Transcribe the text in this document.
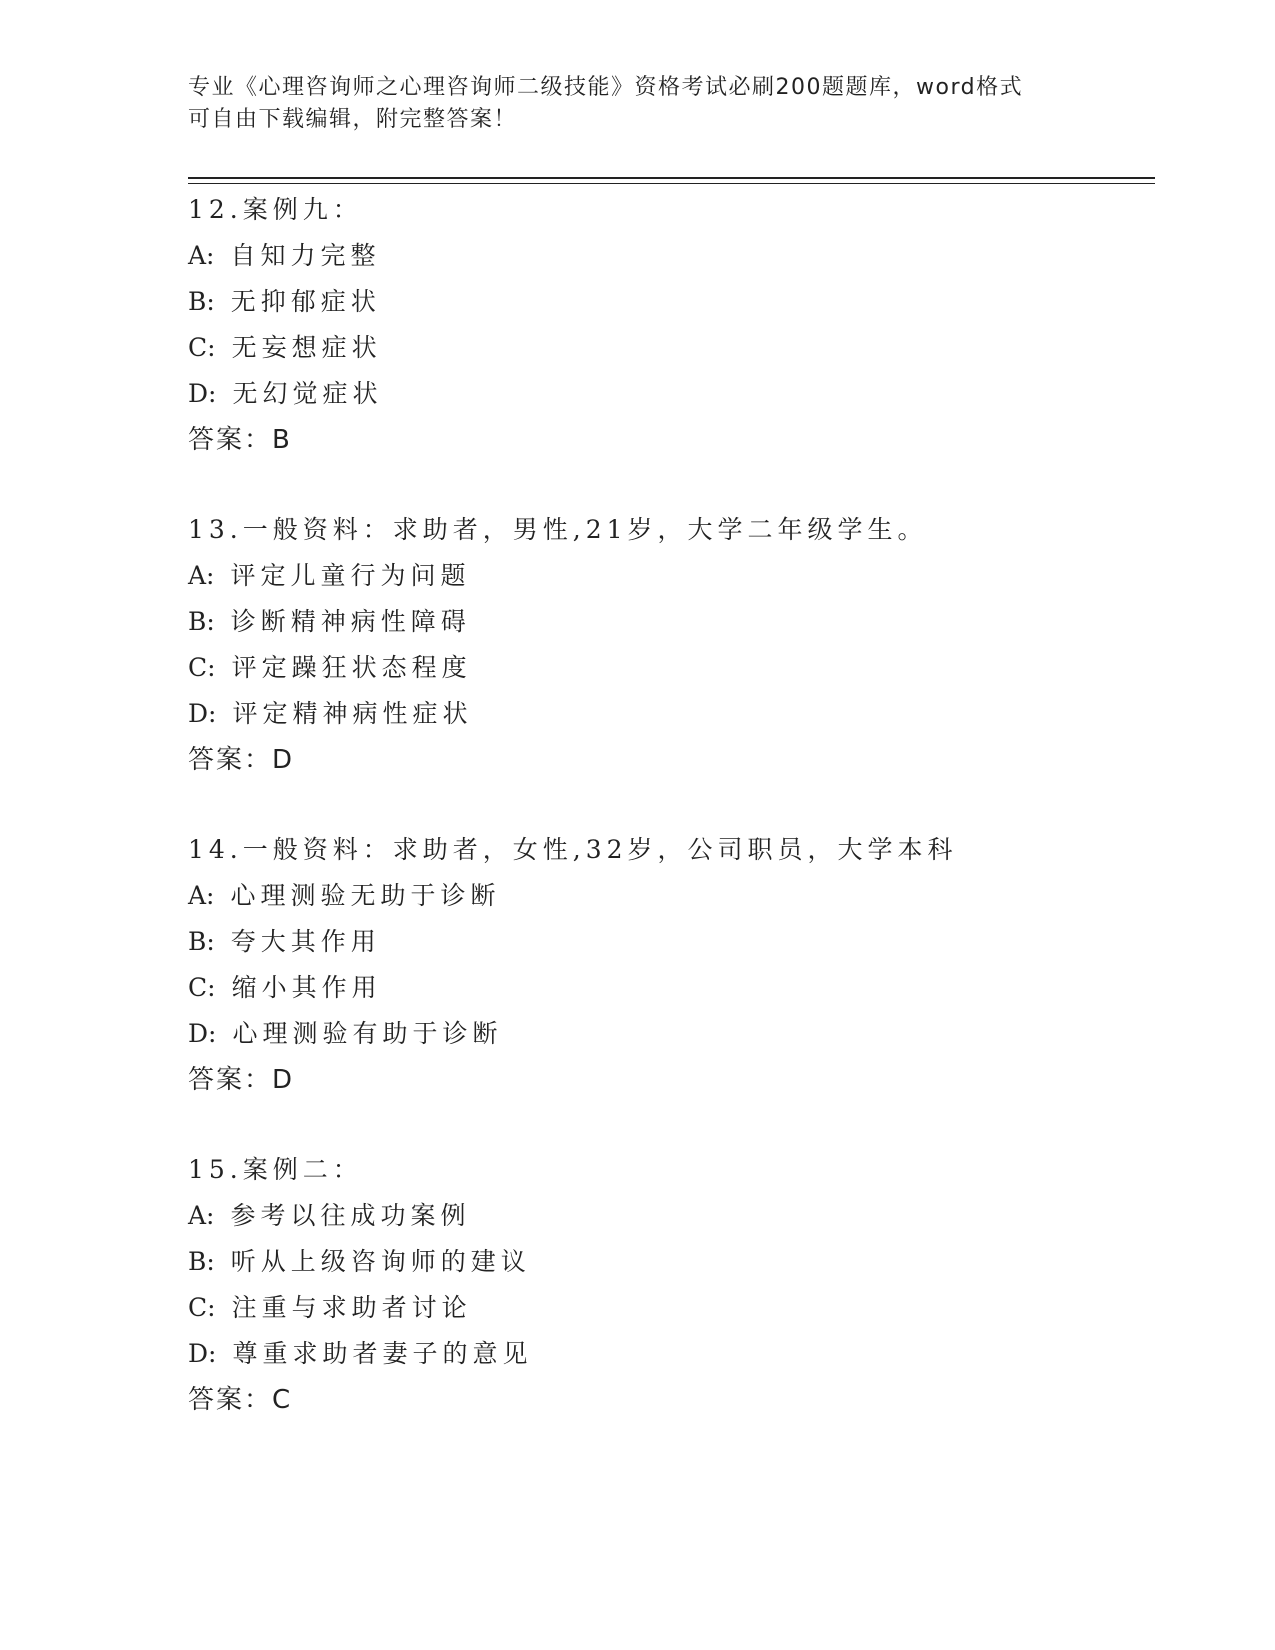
专业《心理咨询师之心理咨询师二级技能》资格考试必刷200题题库，word格式
可自由下载编辑，附完整答案！
12.案例九：
A: 自知力完整
B: 无抑郁症状
C: 无妄想症状
D: 无幻觉症状
答案：B
13.一般资料：求助者，男性,21岁，大学二年级学生。
A: 评定儿童行为问题
B: 诊断精神病性障碍
C: 评定躁狂状态程度
D: 评定精神病性症状
答案：D
14.一般资料：求助者，女性,32岁，公司职员，大学本科
A: 心理测验无助于诊断
B: 夸大其作用
C: 缩小其作用
D: 心理测验有助于诊断
答案：D
15.案例二：
A: 参考以往成功案例
B: 听从上级咨询师的建议
C: 注重与求助者讨论
D: 尊重求助者妻子的意见
答案：C
